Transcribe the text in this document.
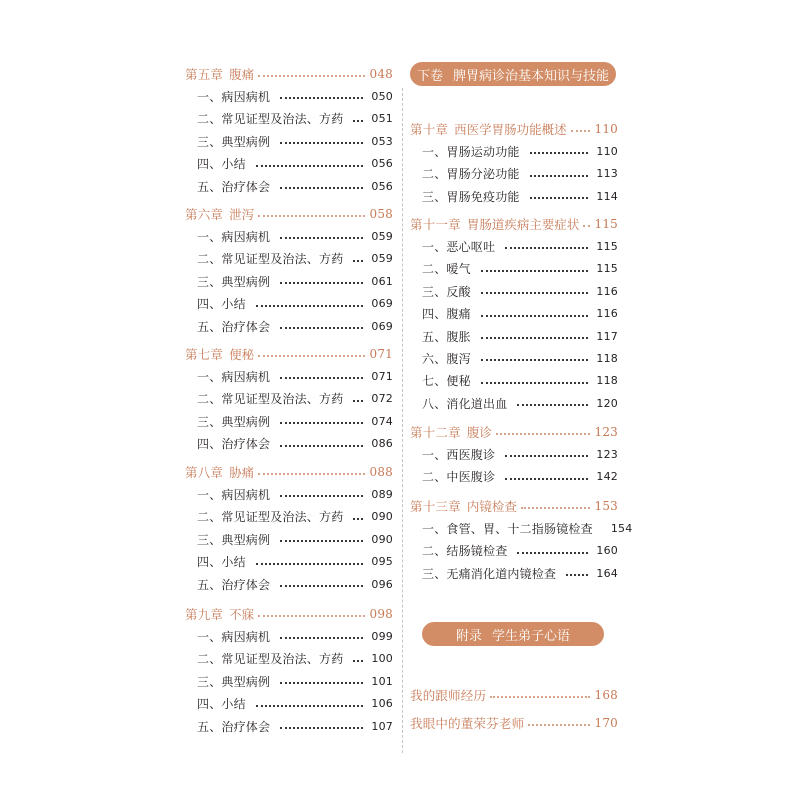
第五章 腹痛	048
一、病因病机	050
二、常见证型及治法、方药	051
三、典型病例	053
四、小结	056
五、治疗体会	056
第六章 泄泻	058
一、病因病机	059
二、常见证型及治法、方药	059
三、典型病例	061
四、小结	069
五、治疗体会	069
第七章 便秘	071
一、病因病机	071
二、常见证型及治法、方药	072
三、典型病例	074
四、治疗体会	086
第八章 胁痛	088
一、病因病机	089
二、常见证型及治法、方药	090
三、典型病例	090
四、小结	095
五、治疗体会	096
第九章 不寐	098
一、病因病机	099
二、常见证型及治法、方药	100
三、典型病例	101
四、小结	106
五、治疗体会	107
下卷 脾胃病诊治基本知识与技能
附录 学生弟子心语
第十章 西医学胃肠功能概述 110
一、胃肠运动功能	110
二、胃肠分泌功能	113
三、胃肠免疫功能	114
第十一章 胃肠道疾病主要症状 115
一、恶心呕吐	115
二、嗳气	115
三、反酸	116
四、腹痛	116
五、腹胀	117
六、腹泻	118
七、便秘	118
八、消化道出血	120
第十二章 腹诊	123
一、西医腹诊	123
二、中医腹诊	142
第十三章 内镜检查	153
一、食管、胃、十二指肠镜检查 154
二、结肠镜检查	160
三、无痛消化道内镜检查	164
我的跟师经历	168
我眼中的董荣芬老师	170
